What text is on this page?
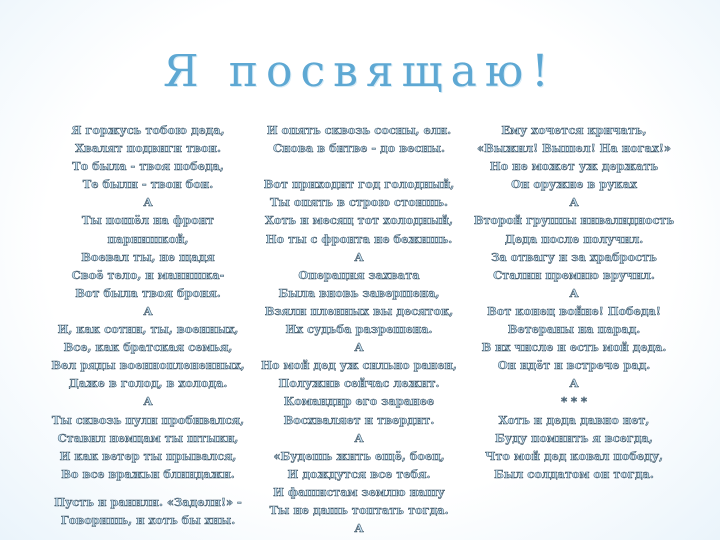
Я посвящаю!
Я горжусь тобою деда,
Хвалят подвиги твои.
То была - твоя победа,
Те были - твои бои.
А
Ты пошёл на фронт
парнишкой,
Воевал ты, не щадя
Своё тело, и манишка-
Вот была твоя броня.
А
И, как сотни, ты, военных,
Все, как братская семья,
Вел ряды военноплененных,
Даже в голод, в холода.
А
Ты сквозь пули пробивался,
Ставил немцам ты штыки,
И как ветер ты прывался,
Во все вражьи блиндажи.
Пусть и ранили. «Задели!» -
Говоришь, и хоть бы хны.
И опять сквозь сосны, ели.
Снова в битве - до весны.
Вот приходит год голодный,
Ты опять в строю стоишь.
Хоть и месяц тот холодный,
Но ты с фронта не бежишь.
А
Операция захвата
Была вновь завершена,
Взяли пленных вы десяток,
Их судьба разрешена.
А
Но мой дед уж сильно ранен,
Полужив сейчас лежит.
Командир его заранее
Восхваляет и твердит.
А
«Будешь жить ещё, боец,
И дождутся все тебя.
И фашистам землю нашу
Ты не дашь топтать тогда.
А
Ему хочется кричать,
«Выжил! Вышел! На ногах!»
Но не может уж держать
Он оружие в руках
А
Второй группы инвалидность
Деда после получил.
За отвагу и за храбрость
Сталин премию вручил.
А
Вот конец войне! Победа!
Ветераны на парад.
В их числе и есть мой деда.
Он идёт и встрече рад.
А
* * *
Хоть и деда давно нет,
Буду помнить я всегда,
Что мой дед ковал победу,
Был солдатом он тогда.
